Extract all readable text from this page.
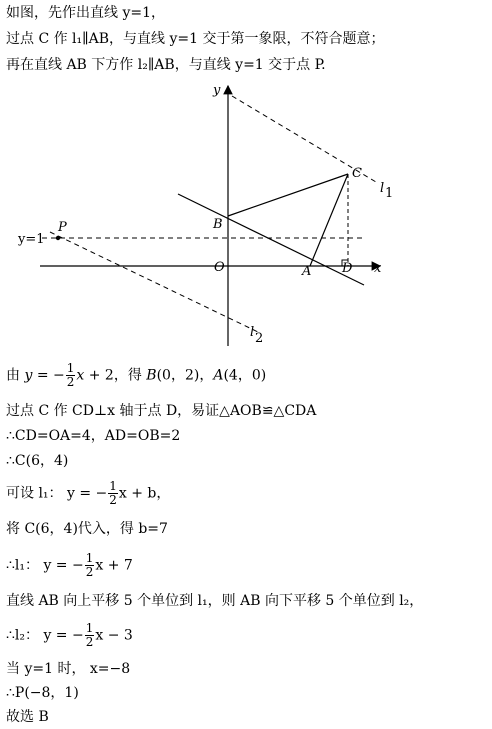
如图，先作出直线 y=1，
过点 C 作 l₁∥AB，与直线 y=1 交于第一象限，不符合题意；
再在直线 AB 下方作 l₂∥AB，与直线 y=1 交于点 P.
y
x
O	A
B
C
D
P
l 1
l 2
y=1
由 y = − $\frac{1}{2}$ x + 2，得 B(0，2)，A(4，0)
过点 C 作 CD⊥x 轴于点 D，易证△AOB≌△CDA
∴CD=OA=4，AD=OB=2
∴C(6，4)
可设 l₁： y = − $\frac{1}{2}$ x + b，
将 C(6，4)代入，得 b=7
∴l₁： y = − $\frac{1}{2}$ x + 7
直线 AB 向上平移 5 个单位到 l₁，则 AB 向下平移 5 个单位到 l₂，
∴l₂： y = − $\frac{1}{2}$ x − 3
当 y=1 时， x=−8
∴P(−8，1)
故选 B
